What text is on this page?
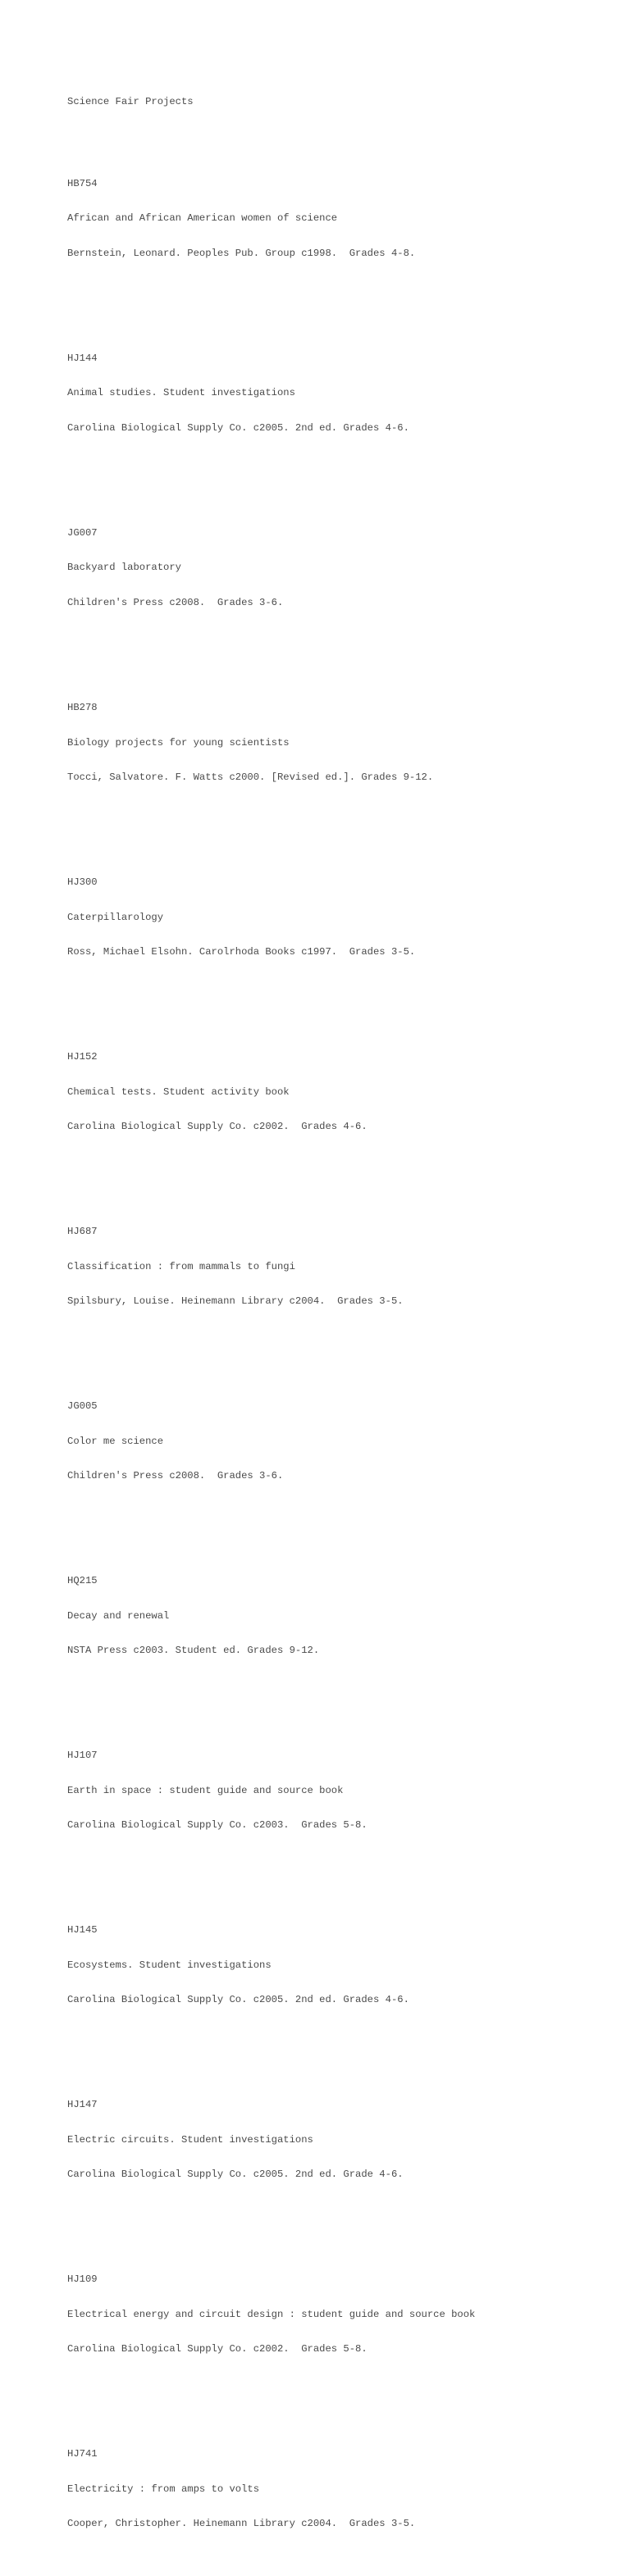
Science Fair Projects

HB754

African and African American women of science

Bernstein, Leonard. Peoples Pub. Group c1998.  Grades 4-8.

HJ144

Animal studies. Student investigations

Carolina Biological Supply Co. c2005. 2nd ed. Grades 4-6.

JG007

Backyard laboratory

Children's Press c2008.  Grades 3-6.

HB278

Biology projects for young scientists

Tocci, Salvatore. F. Watts c2000. [Revised ed.]. Grades 9-12.

HJ300

Caterpillarology

Ross, Michael Elsohn. Carolrhoda Books c1997.  Grades 3-5.

HJ152

Chemical tests. Student activity book

Carolina Biological Supply Co. c2002.  Grades 4-6.

HJ687

Classification : from mammals to fungi

Spilsbury, Louise. Heinemann Library c2004.  Grades 3-5.

JG005

Color me science

Children's Press c2008.  Grades 3-6.

HQ215

Decay and renewal

NSTA Press c2003. Student ed. Grades 9-12.

HJ107

Earth in space : student guide and source book

Carolina Biological Supply Co. c2003.  Grades 5-8.

HJ145

Ecosystems. Student investigations

Carolina Biological Supply Co. c2005. 2nd ed. Grades 4-6.

HJ147

Electric circuits. Student investigations

Carolina Biological Supply Co. c2005. 2nd ed. Grade 4-6.

HJ109

Electrical energy and circuit design : student guide and source book

Carolina Biological Supply Co. c2002.  Grades 5-8.

HJ741

Electricity : from amps to volts

Cooper, Christopher. Heinemann Library c2004.  Grades 3-5.
